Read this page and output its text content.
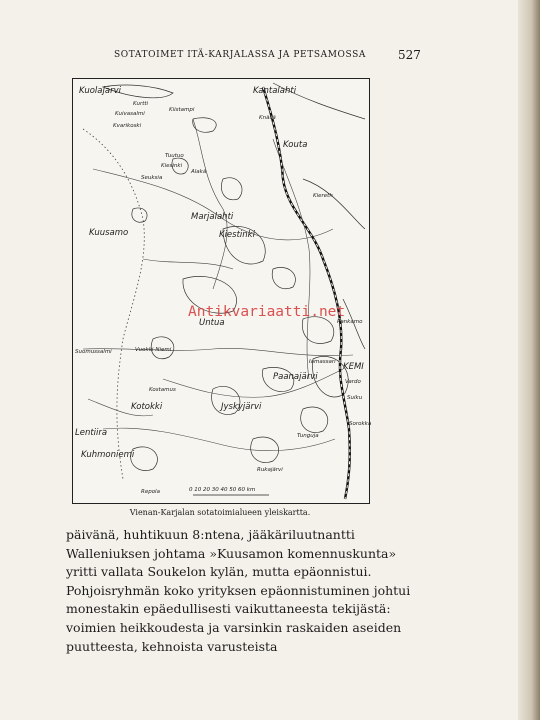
SOTATOIMET ITÄ-KARJALASSA JA PETSAMOSSA	527
Kuolajärvi
Kurtti
Kuivasalmi
Kvarikoski
Kiistampi
Kantalahti
Knäsä
Kouta
Tuutuo
Kiesinki
Alakä
Seuksia
Kiereth
Kuusamo
Marjalahti
Kiestinki
Untua	Pankamo
Suomussalmi	Vuokki-Niemi
Iamassari KEMI
Paanajärvi	Vardo
Kostamus
Kotokki	Jyskyjärvi
Suiku
Sorokka
Lentiira	Tunguja
Kuhmoniemi
Rukajärvi
Repola	0 10 20 30 40 50 60 km
Vienan-Karjalan sotatoimialueen yleiskartta.
Antikvariaatti.net

päivänä, huhtikuun 8:ntena, jääkäriluutnantti Walleniuksen johtama »Kuusamon komennuskunta» yritti vallata Soukelon kylän, mutta epäonnistui.

Pohjoisryhmän koko yrityksen epäonnistuminen johtui monestakin epäedullisesti vaikuttaneesta tekijästä: voimien heikkoudesta ja varsinkin raskaiden aseiden puutteesta, kehnoista varusteista
